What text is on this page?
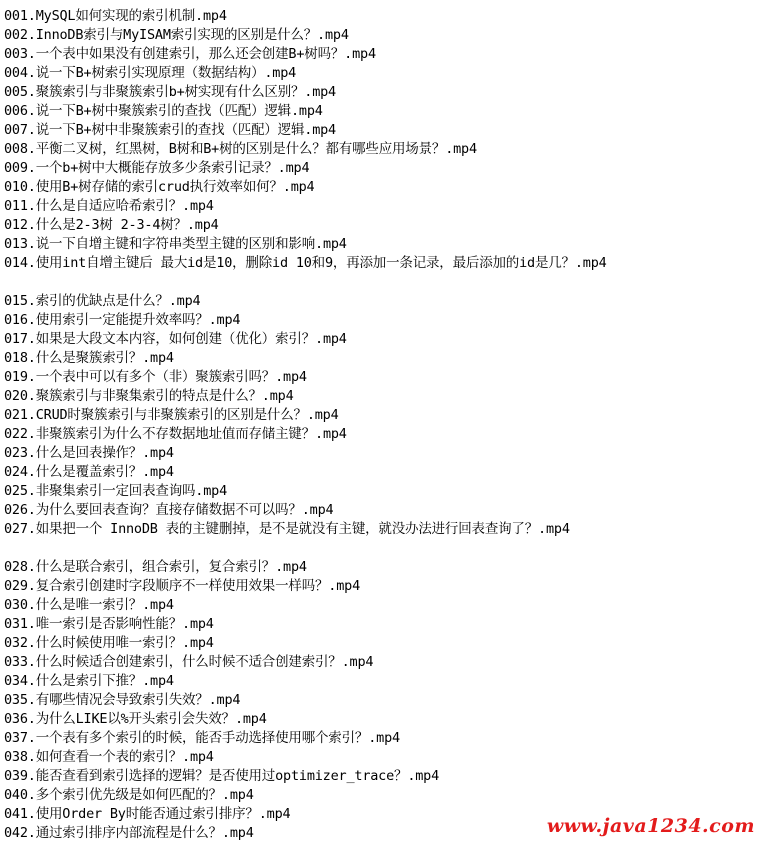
001.MySQL如何实现的索引机制.mp4
002.InnoDB索引与MyISAM索引实现的区别是什么？.mp4
003.一个表中如果没有创建索引，那么还会创建B+树吗？.mp4
004.说一下B+树索引实现原理（数据结构）.mp4
005.聚簇索引与非聚簇索引b+树实现有什么区别？.mp4
006.说一下B+树中聚簇索引的查找（匹配）逻辑.mp4
007.说一下B+树中非聚簇索引的查找（匹配）逻辑.mp4
008.平衡二叉树，红黑树，B树和B+树的区别是什么？都有哪些应用场景？.mp4
009.一个b+树中大概能存放多少条索引记录？.mp4
010.使用B+树存储的索引crud执行效率如何？.mp4
011.什么是自适应哈希索引？.mp4
012.什么是2-3树 2-3-4树？.mp4
013.说一下自增主键和字符串类型主键的区别和影响.mp4
014.使用int自增主键后 最大id是10，删除id 10和9，再添加一条记录，最后添加的id是几？.mp4
015.索引的优缺点是什么？.mp4
016.使用索引一定能提升效率吗？.mp4
017.如果是大段文本内容，如何创建（优化）索引？.mp4
018.什么是聚簇索引？.mp4
019.一个表中可以有多个（非）聚簇索引吗？.mp4
020.聚簇索引与非聚集索引的特点是什么？.mp4
021.CRUD时聚簇索引与非聚簇索引的区别是什么？.mp4
022.非聚簇索引为什么不存数据地址值而存储主键？.mp4
023.什么是回表操作？.mp4
024.什么是覆盖索引？.mp4
025.非聚集索引一定回表查询吗.mp4
026.为什么要回表查询？直接存储数据不可以吗？.mp4
027.如果把一个 InnoDB 表的主键删掉，是不是就没有主键，就没办法进行回表查询了？.mp4
028.什么是联合索引，组合索引，复合索引？.mp4
029.复合索引创建时字段顺序不一样使用效果一样吗？.mp4
030.什么是唯一索引？.mp4
031.唯一索引是否影响性能？.mp4
032.什么时候使用唯一索引？.mp4
033.什么时候适合创建索引，什么时候不适合创建索引？.mp4
034.什么是索引下推？.mp4
035.有哪些情况会导致索引失效？.mp4
036.为什么LIKE以%开头索引会失效？.mp4
037.一个表有多个索引的时候，能否手动选择使用哪个索引？.mp4
038.如何查看一个表的索引？.mp4
039.能否查看到索引选择的逻辑？是否使用过optimizer_trace？.mp4
040.多个索引优先级是如何匹配的？.mp4
041.使用Order By时能否通过索引排序？.mp4
042.通过索引排序内部流程是什么？.mp4	www.java1234.com
